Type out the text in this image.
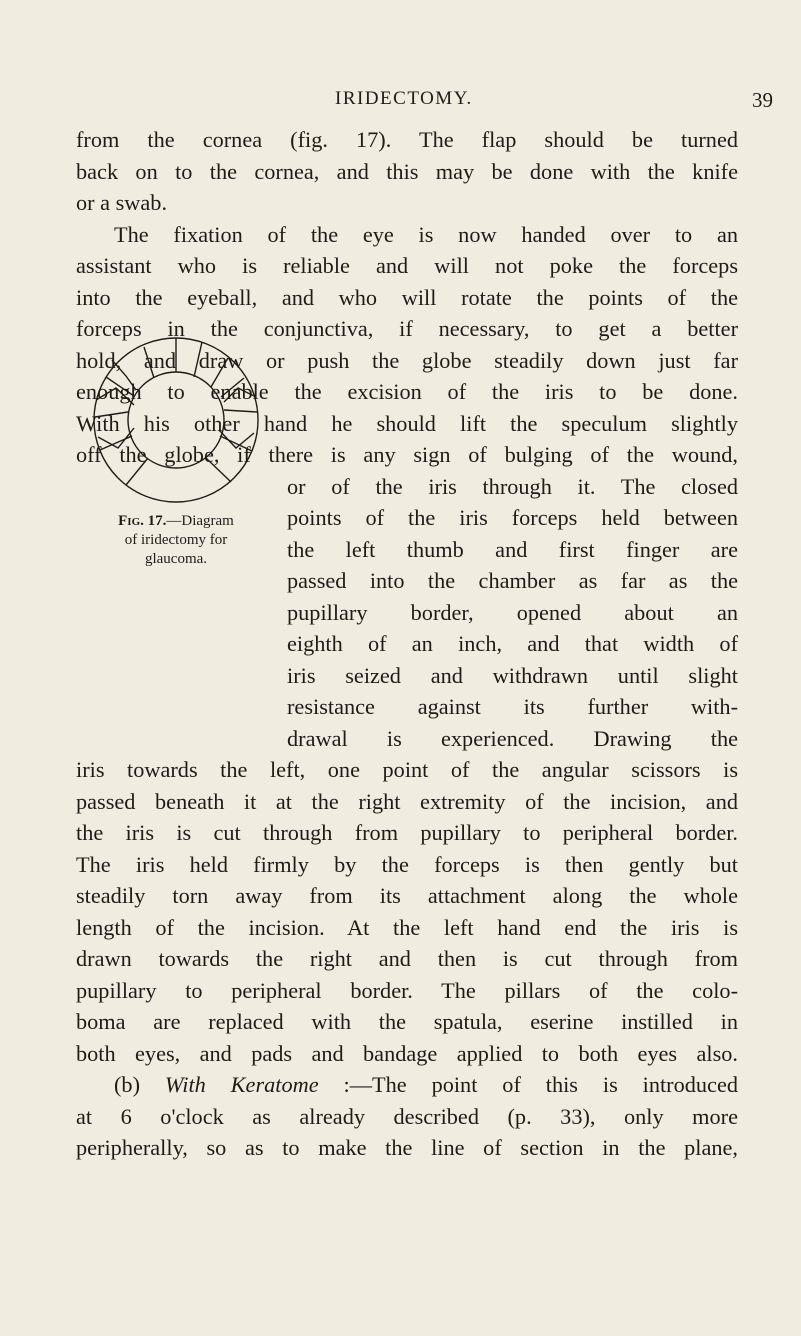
IRIDECTOMY.	39
from the cornea (fig. 17). The flap should be turned
back on to the cornea, and this may be done with the knife
or a swab.
The fixation of the eye is now handed over to an
assistant who is reliable and will not poke the forceps
into the eyeball, and who will rotate the points of the
forceps in the conjunctiva, if necessary, to get a better
hold, and draw or push the globe steadily down just far
enough to enable the excision of the iris to be done.
With his other hand he should lift the speculum slightly
off the globe, if there is any sign of bulging of the wound,
or of the iris through it. The closed
points of the iris forceps held between
the left thumb and first finger are
passed into the chamber as far as the
pupillary border, opened about an
eighth of an inch, and that width of
iris seized and withdrawn until slight
resistance against its further with-
drawal is experienced. Drawing the
iris towards the left, one point of the angular scissors is
passed beneath it at the right extremity of the incision, and
the iris is cut through from pupillary to peripheral border.
The iris held firmly by the forceps is then gently but
steadily torn away from its attachment along the whole
length of the incision. At the left hand end the iris is
drawn towards the right and then is cut through from
pupillary to peripheral border. The pillars of the colo-
boma are replaced with the spatula, eserine instilled in
both eyes, and pads and bandage applied to both eyes also.
(b) With Keratome :—The point of this is introduced
at 6 o'clock as already described (p. 33), only more
peripherally, so as to make the line of section in the plane,
Fig. 17.—Diagram
of iridectomy for
glaucoma.
